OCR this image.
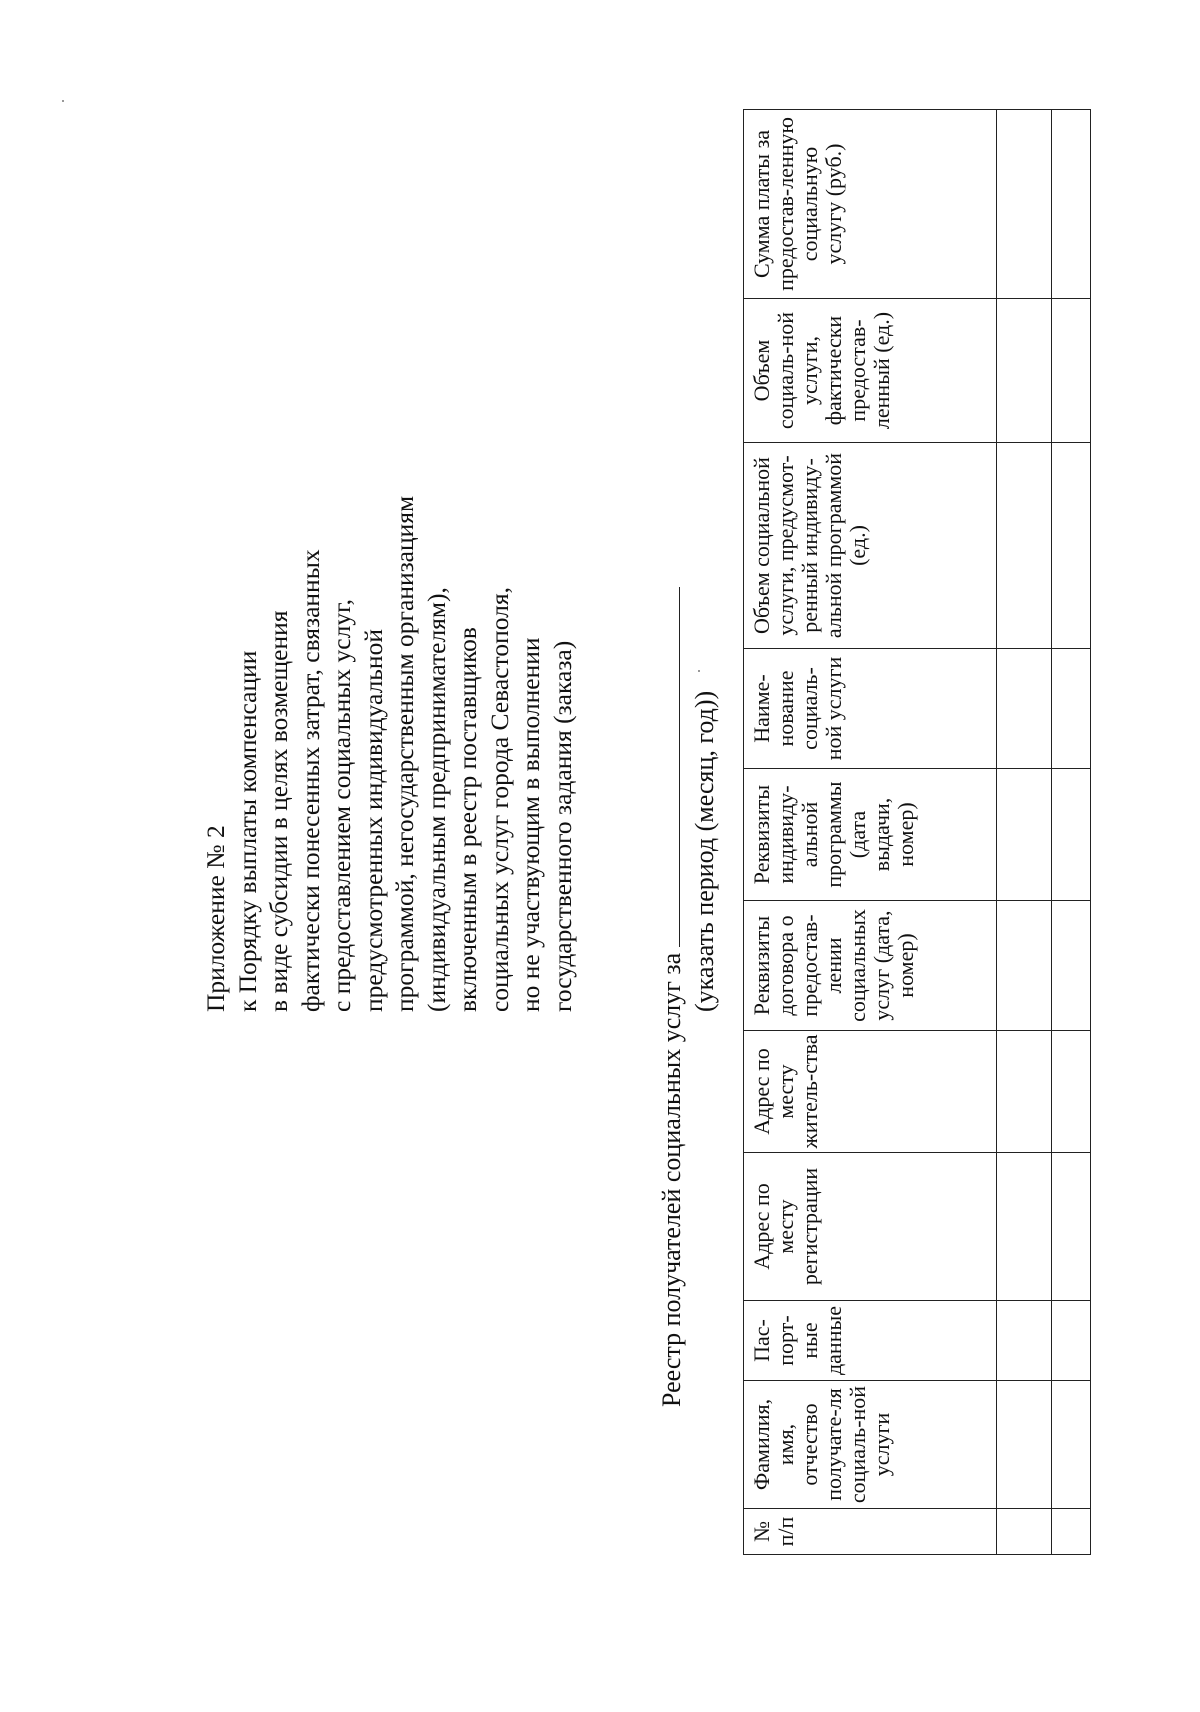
Приложение № 2 к Порядку выплаты компенсации в виде субсидии в целях возмещения фактически понесенных затрат, связанных с предоставлением социальных услуг, предусмотренных индивидуальной программой, негосударственным организациям (индивидуальным предпринимателям), включенным в реестр поставщиков социальных услуг города Севастополя, но не участвующим в выполнении государственного задания (заказа)
Реестр получателей социальных услуг за
(указать период (месяц, год))
№ п/п	Фамилия, имя, отчество получате-ля социаль-ной услуги	Пас-порт-ные данные	Адрес по месту регистрации	Адрес по месту житель-ства	Реквизиты договора о предостав-лении социальных услуг (дата, номер)	Реквизиты индивиду-альной программы (дата выдачи, номер)	Наиме-нование социаль-ной услуги	Объем социальной услуги, предусмот-ренный индивиду-альной программой (ед.)	Объем социаль-ной услуги, фактически предостав-ленный (ед.)	Сумма платы за предостав-ленную социальную услугу (руб.)
